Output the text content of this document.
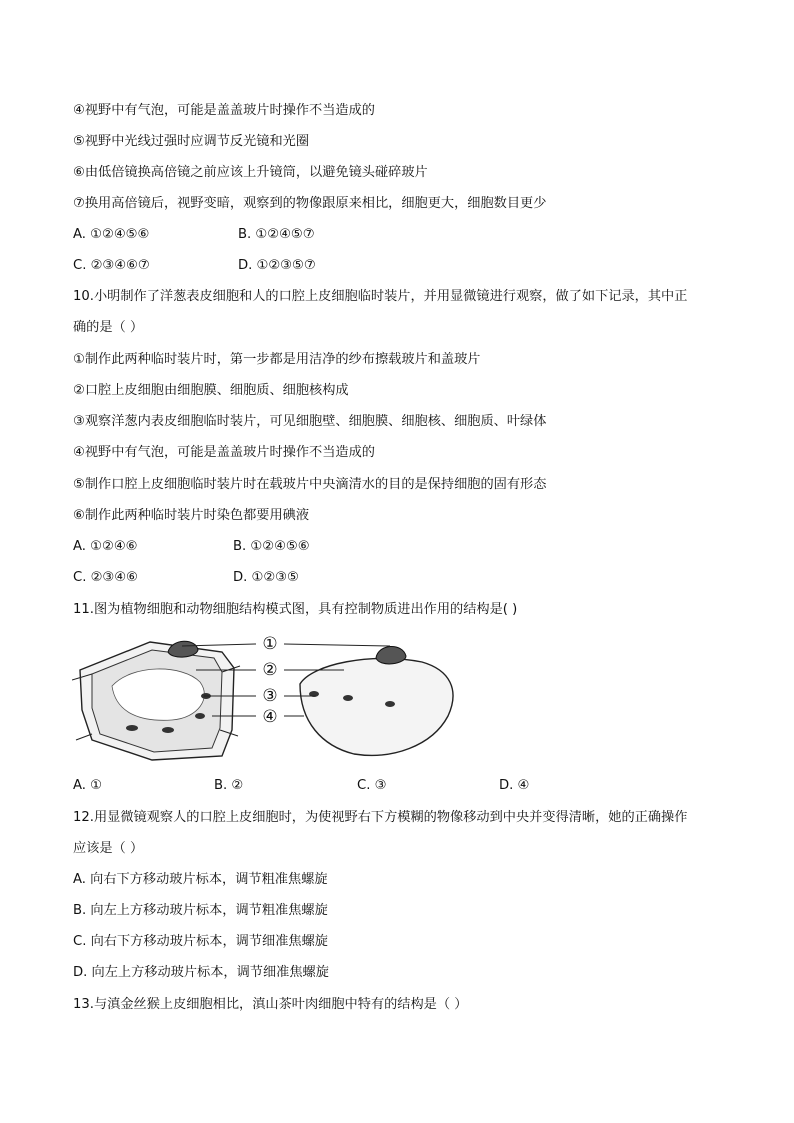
④视野中有气泡，可能是盖盖玻片时操作不当造成的
⑤视野中光线过强时应调节反光镜和光圈
⑥由低倍镜换高倍镜之前应该上升镜筒，以避免镜头碰碎玻片
⑦换用高倍镜后，视野变暗，观察到的物像跟原来相比，细胞更大，细胞数目更少
A. ①②④⑤⑥	B. ①②④⑤⑦
C. ②③④⑥⑦	D. ①②③⑤⑦
10.小明制作了洋葱表皮细胞和人的口腔上皮细胞临时装片，并用显微镜进行观察，做了如下记录，其中正
确的是（ ）
①制作此两种临时装片时，第一步都是用洁净的纱布擦载玻片和盖玻片
②口腔上皮细胞由细胞膜、细胞质、细胞核构成
③观察洋葱内表皮细胞临时装片，可见细胞壁、细胞膜、细胞核、细胞质、叶绿体
④视野中有气泡，可能是盖盖玻片时操作不当造成的
⑤制作口腔上皮细胞临时装片时在载玻片中央滴清水的目的是保持细胞的固有形态
⑥制作此两种临时装片时染色都要用碘液
A. ①②④⑥	B. ①②④⑤⑥
C. ②③④⑥	D. ①②③⑤
11.图为植物细胞和动物细胞结构模式图，具有控制物质进出作用的结构是( )
①
②
③
④
A. ①	B. ②	C. ③	D. ④
12.用显微镜观察人的口腔上皮细胞时，为使视野右下方模糊的物像移动到中央并变得清晰，她的正确操作
应该是（ ）
A. 向右下方移动玻片标本，调节粗准焦螺旋
B. 向左上方移动玻片标本，调节粗准焦螺旋
C. 向右下方移动玻片标本，调节细准焦螺旋
D. 向左上方移动玻片标本，调节细准焦螺旋
13.与滇金丝猴上皮细胞相比，滇山茶叶肉细胞中特有的结构是（ ）
